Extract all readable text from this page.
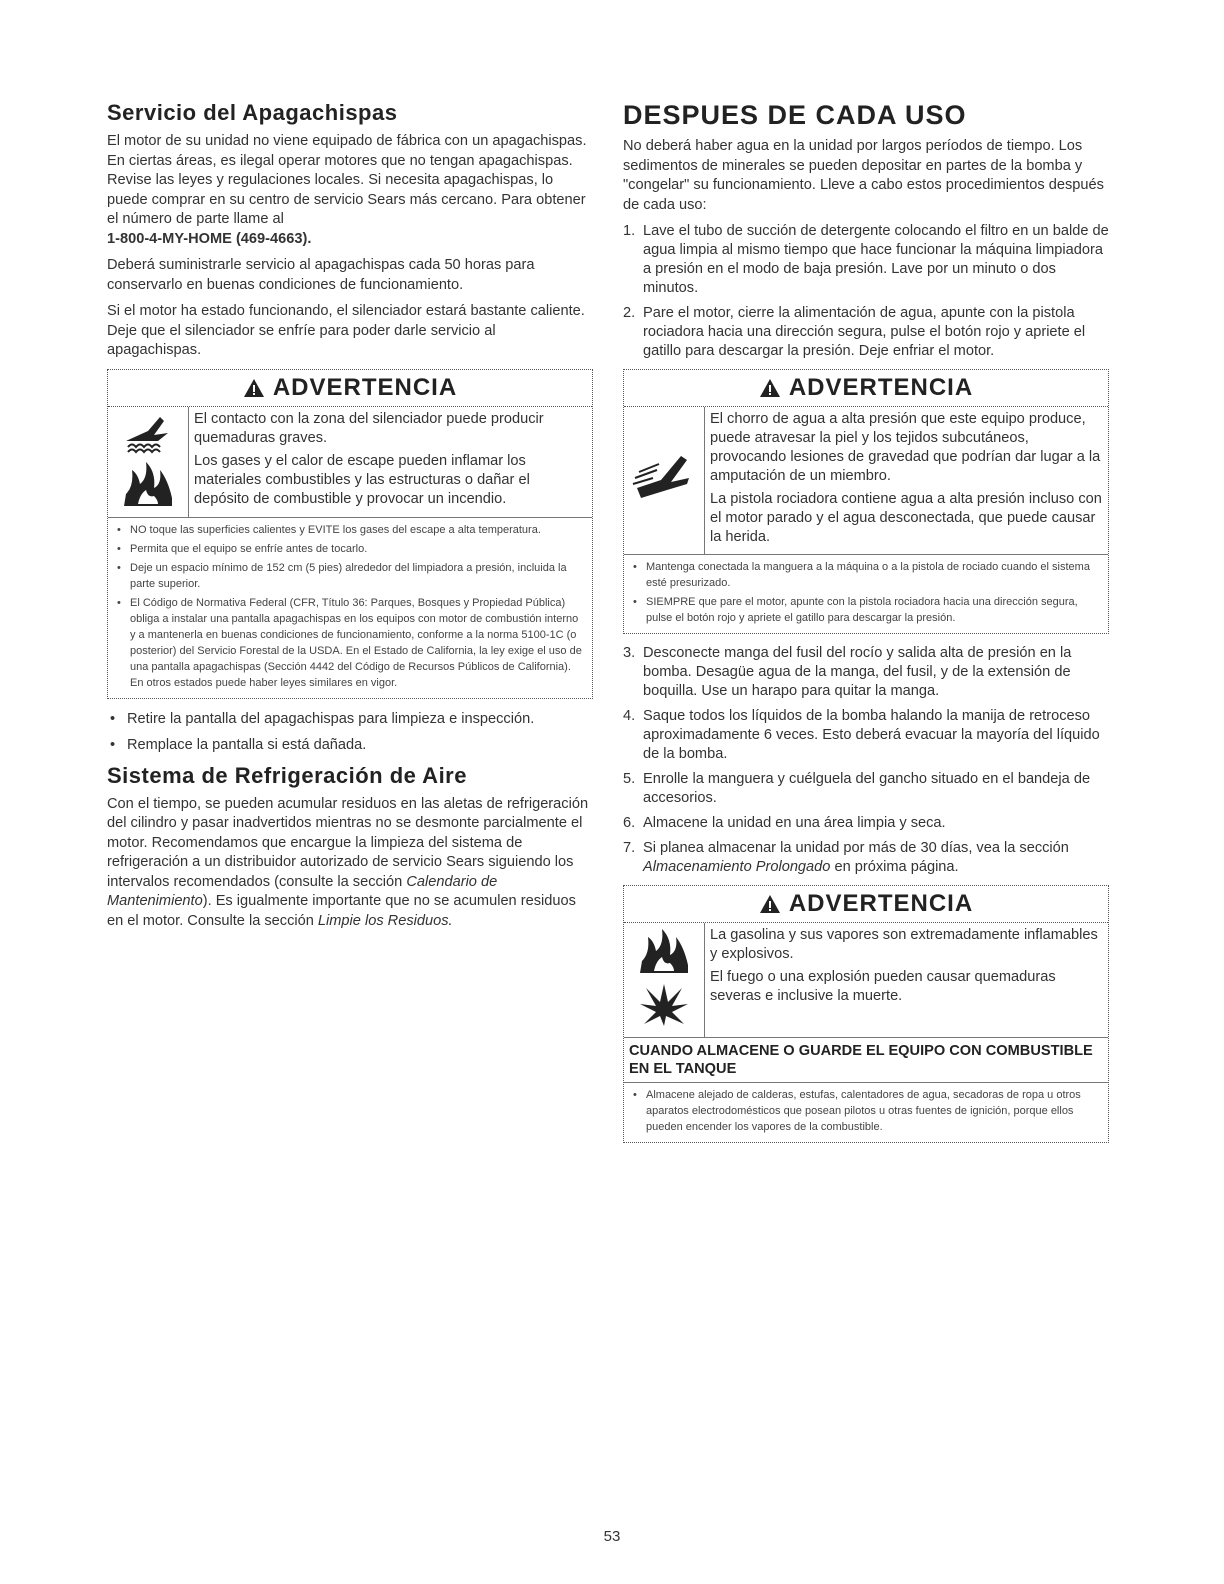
Servicio del Apagachispas

El motor de su unidad no viene equipado de fábrica con un apagachispas. En ciertas áreas, es ilegal operar motores que no tengan apagachispas. Revise las leyes y regulaciones locales. Si necesita apagachispas, lo puede comprar en su centro de servicio Sears más cercano. Para obtener el número de parte llame al
1-800-4-MY-HOME (469-4663).

Deberá suministrarle servicio al apagachispas cada 50 horas para conservarlo en buenas condiciones de funcionamiento.

Si el motor ha estado funcionando, el silenciador estará bastante caliente. Deje que el silenciador se enfríe para poder darle servicio al apagachispas.

ADVERTENCIA

El contacto con la zona del silenciador puede producir quemaduras graves.

Los gases y el calor de escape pueden inflamar los materiales combustibles y las estructuras o dañar el depósito de combustible y provocar un incendio.

• NO toque las superficies calientes y EVITE los gases del escape a alta temperatura.
• Permita que el equipo se enfríe antes de tocarlo.
• Deje un espacio mínimo de 152 cm (5 pies) alrededor del limpiadora a presión, incluida la parte superior.
• El Código de Normativa Federal (CFR, Título 36: Parques, Bosques y Propiedad Pública) obliga a instalar una pantalla apagachispas en los equipos con motor de combustión interno y a mantenerla en buenas condiciones de funcionamiento, conforme a la norma 5100-1C (o posterior) del Servicio Forestal de la USDA. En el Estado de California, la ley exige el uso de una pantalla apagachispas (Sección 4442 del Código de Recursos Públicos de California). En otros estados puede haber leyes similares en vigor.
• Retire la pantalla del apagachispas para limpieza e inspección.
• Remplace la pantalla si está dañada.
Sistema de Refrigeración de Aire

Con el tiempo, se pueden acumular residuos en las aletas de refrigeración del cilindro y pasar inadvertidos mientras no se desmonte parcialmente el motor. Recomendamos que encargue la limpieza del sistema de refrigeración a un distribuidor autorizado de servicio Sears siguiendo los intervalos recomendados (consulte la sección Calendario de Mantenimiento). Es igualmente importante que no se acumulen residuos en el motor. Consulte la sección Limpie los Residuos.

DESPUES DE CADA USO

No deberá haber agua en la unidad por largos períodos de tiempo. Los sedimentos de minerales se pueden depositar en partes de la bomba y "congelar" su funcionamiento. Lleve a cabo estos procedimientos después de cada uso:

1. Lave el tubo de succión de detergente colocando el filtro en un balde de agua limpia al mismo tiempo que hace funcionar la máquina limpiadora a presión en el modo de baja presión. Lave por un minuto o dos minutos.
2. Pare el motor, cierre la alimentación de agua, apunte con la pistola rociadora hacia una dirección segura, pulse el botón rojo y apriete el gatillo para descargar la presión. Deje enfriar el motor.
ADVERTENCIA

El chorro de agua a alta presión que este equipo produce, puede atravesar la piel y los tejidos subcutáneos, provocando lesiones de gravedad que podrían dar lugar a la amputación de un miembro.

La pistola rociadora contiene agua a alta presión incluso con el motor parado y el agua desconectada, que puede causar la herida.

• Mantenga conectada la manguera a la máquina o a la pistola de rociado cuando el sistema esté presurizado.
• SIEMPRE que pare el motor, apunte con la pistola rociadora hacia una dirección segura, pulse el botón rojo y apriete el gatillo para descargar la presión.
3. Desconecte manga del fusil del rocío y salida alta de presión en la bomba. Desagüe agua de la manga, del fusil, y de la extensión de boquilla. Use un harapo para quitar la manga.
4. Saque todos los líquidos de la bomba halando la manija de retroceso aproximadamente 6 veces. Esto deberá evacuar la mayoría del líquido de la bomba.
5. Enrolle la manguera y cuélguela del gancho situado en el bandeja de accesorios.
6. Almacene la unidad en una área limpia y seca.
7. Si planea almacenar la unidad por más de 30 días, vea la sección Almacenamiento Prolongado en próxima página.
ADVERTENCIA

La gasolina y sus vapores son extremadamente inflamables y explosivos.

El fuego o una explosión pueden causar quemaduras severas e inclusive la muerte.

CUANDO ALMACENE O GUARDE EL EQUIPO CON COMBUSTIBLE EN EL TANQUE
• Almacene alejado de calderas, estufas, calentadores de agua, secadoras de ropa u otros aparatos electrodomésticos que posean pilotos u otras fuentes de ignición, porque ellos pueden encender los vapores de la combustible.
53
